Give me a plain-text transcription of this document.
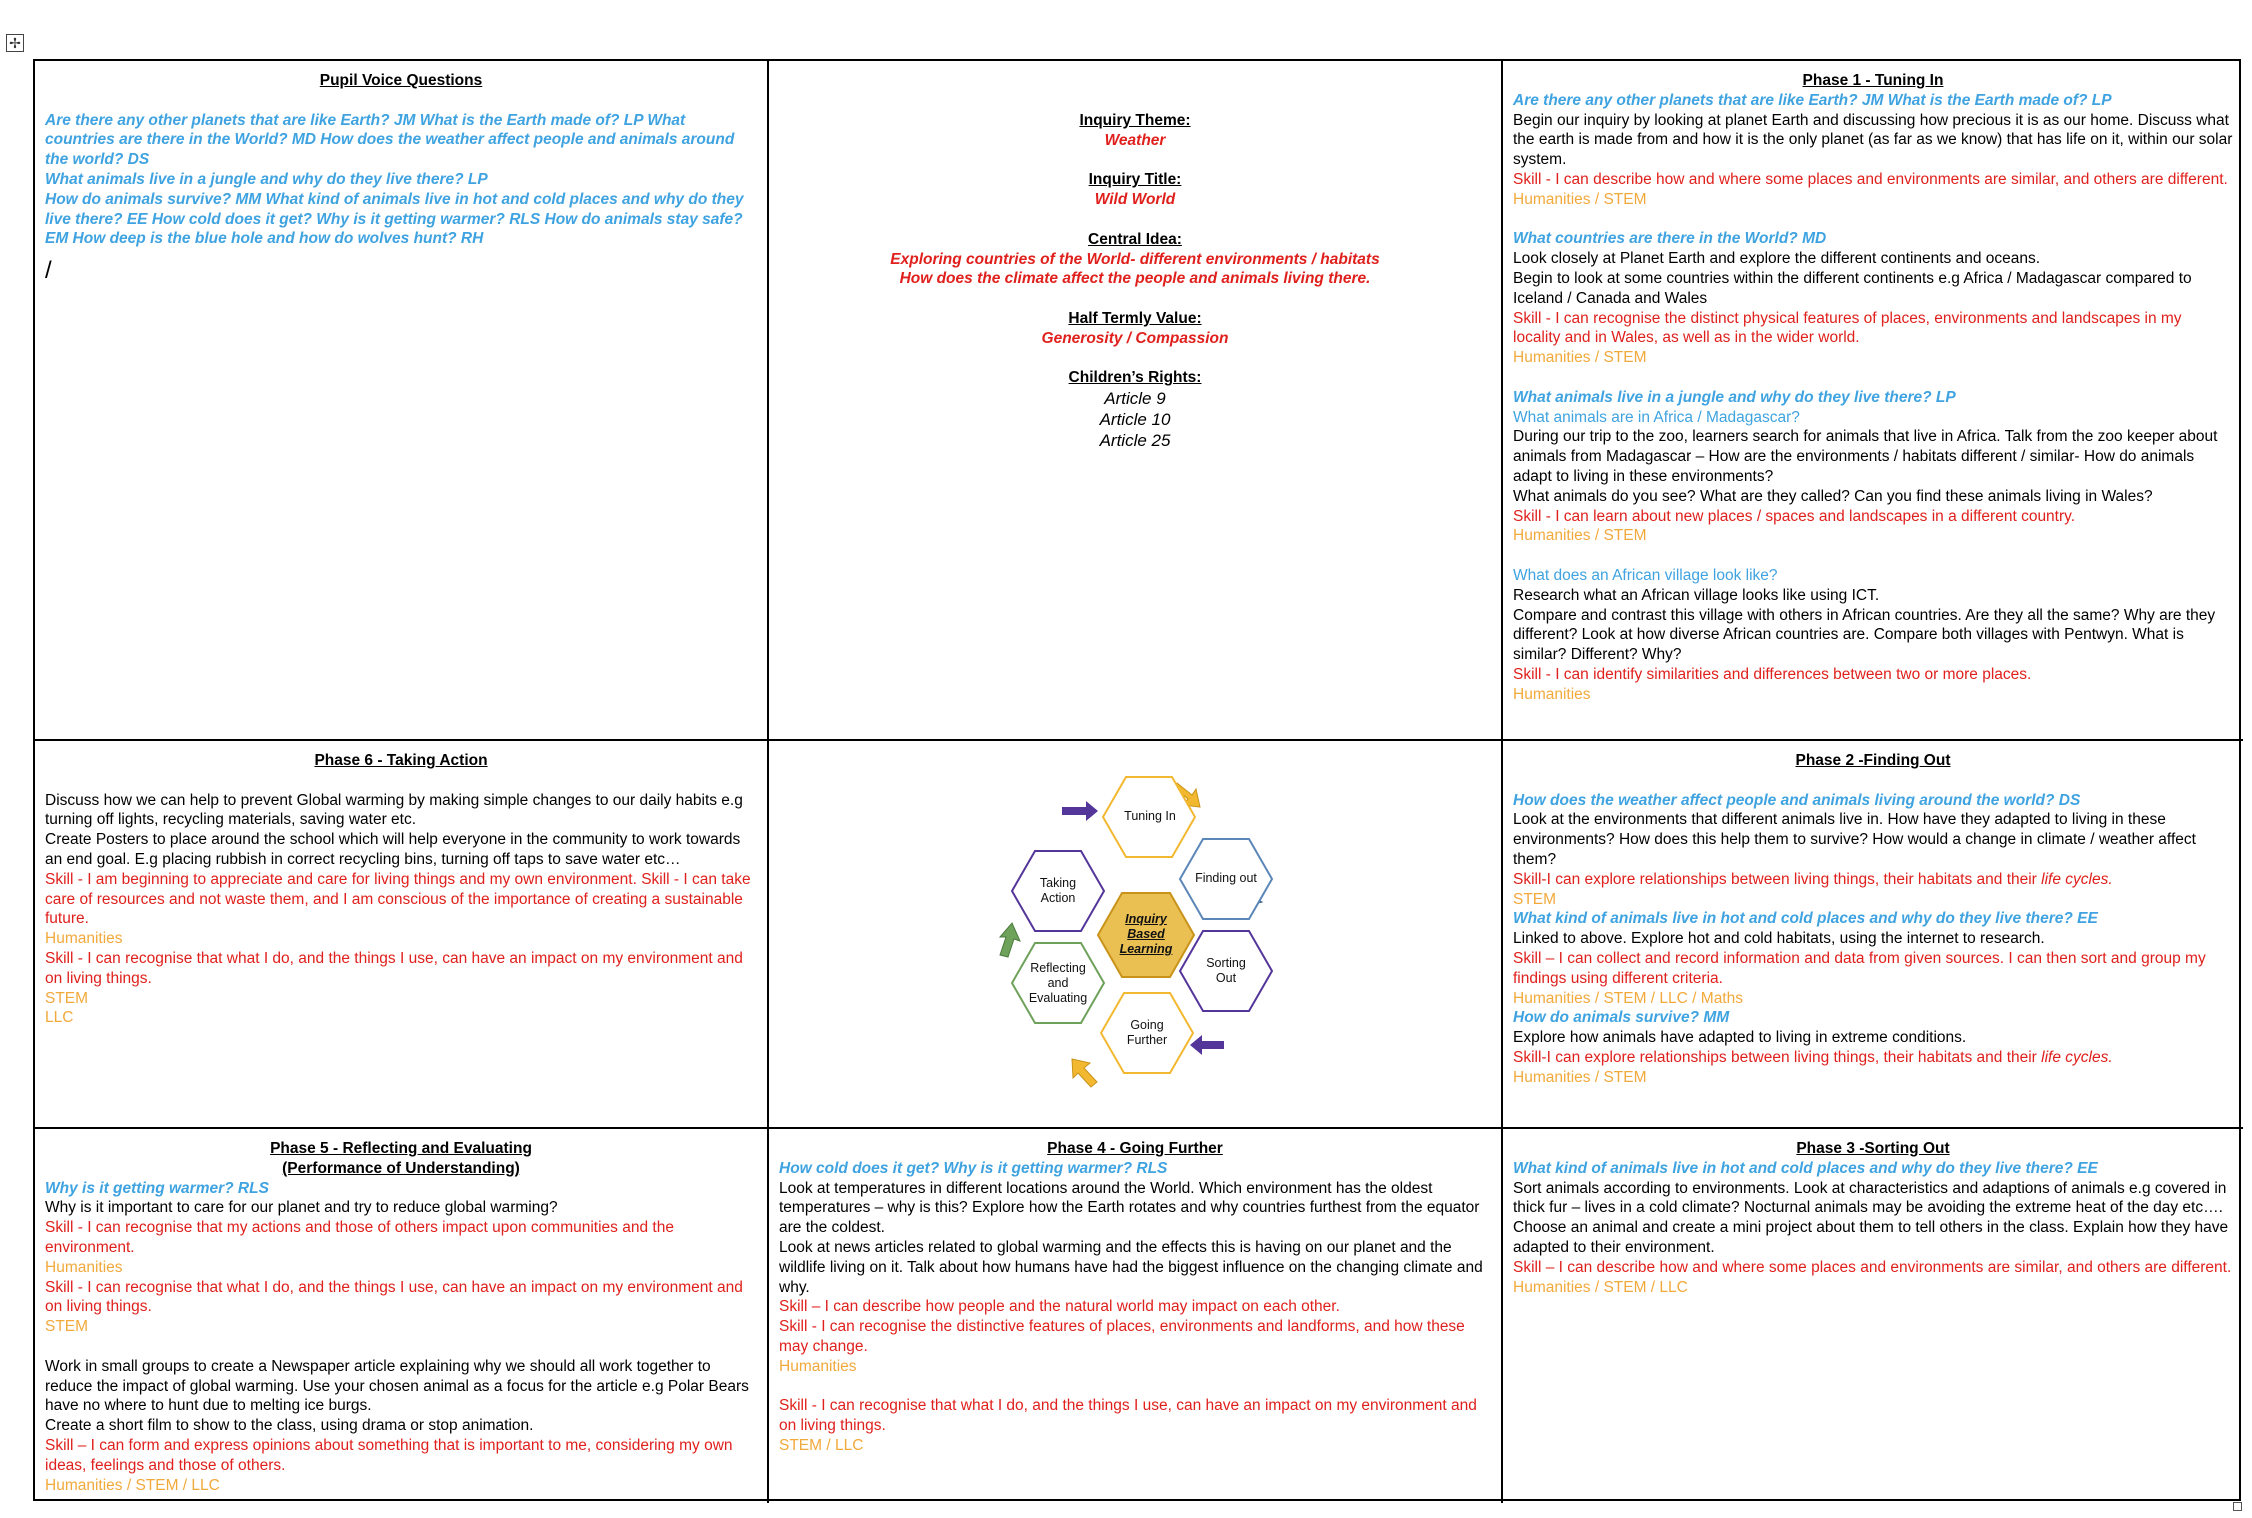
✢

Pupil Voice Questions

Are there any other planets that are like Earth? JM What is the Earth made of? LP What countries are there in the World? MD How does the weather affect people and animals around the world? DS

What animals live in a jungle and why do they live there? LP

How do animals survive? MM What kind of animals live in hot and cold places and why do they live there? EE How cold does it get? Why is it getting warmer? RLS How do animals stay safe? EM How deep is the blue hole and how do wolves hunt? RH

/

Inquiry Theme:

Weather

Inquiry Title:

Wild World

Central Idea:

Exploring countries of the World- different environments / habitats

How does the climate affect the people and animals living there.

Half Termly Value:

Generosity / Compassion

Children’s Rights:

Article 9

Article 10

Article 25

Phase 1 - Tuning In

Are there any other planets that are like Earth? JM What is the Earth made of? LP

Begin our inquiry by looking at planet Earth and discussing how precious it is as our home. Discuss what the earth is made from and how it is the only planet (as far as we know) that has life on it, within our solar system.

Skill - I can describe how and where some places and environments are similar, and others are different.

Humanities / STEM

What countries are there in the World? MD

Look closely at Planet Earth and explore the different continents and oceans.

Begin to look at some countries within the different continents e.g Africa / Madagascar compared to Iceland / Canada and Wales

Skill - I can recognise the distinct physical features of places, environments and landscapes in my locality and in Wales, as well as in the wider world.

Humanities / STEM

What animals live in a jungle and why do they live there? LP

What animals are in Africa / Madagascar?

During our trip to the zoo, learners search for animals that live in Africa. Talk from the zoo keeper about animals from Madagascar – How are the environments / habitats different / similar- How do animals adapt to living in these environments?

What animals do you see? What are they called? Can you find these animals living in Wales?

Skill - I can learn about new places / spaces and landscapes in a different country.

Humanities / STEM

What does an African village look like?

Research what an African village looks like using ICT.

Compare and contrast this village with others in African countries. Are they all the same? Why are they different? Look at how diverse African countries are. Compare both villages with Pentwyn. What is similar? Different? Why?

Skill - I can identify similarities and differences between two or more places.

Humanities

Phase 6 - Taking Action

Discuss how we can help to prevent Global warming by making simple changes to our daily habits e.g turning off lights, recycling materials, saving water etc.

Create Posters to place around the school which will help everyone in the community to work towards an end goal. E.g placing rubbish in correct recycling bins, turning off taps to save water etc…

Skill - I am beginning to appreciate and care for living things and my own environment. Skill - I can take care of resources and not waste them, and I am conscious of the importance of creating a sustainable future.

Humanities

Skill - I can recognise that what I do, and the things I use, can have an impact on my environment and on living things.

STEM

LLC

Tuning In
Finding out
Sorting
Out
Going
Further
Reflecting
and
Evaluating
Taking
Action
Inquiry
Based
Learning

Phase 2 -Finding Out

How does the weather affect people and animals living around the world? DS

Look at the environments that different animals live in. How have they adapted to living in these environments? How does this help them to survive? How would a change in climate / weather affect them?

Skill-I can explore relationships between living things, their habitats and their life cycles.

STEM

What kind of animals live in hot and cold places and why do they live there? EE

Linked to above. Explore hot and cold habitats, using the internet to research.

Skill – I can collect and record information and data from given sources. I can then sort and group my findings using different criteria.

Humanities / STEM / LLC / Maths

How do animals survive? MM

Explore how animals have adapted to living in extreme conditions.

Skill-I can explore relationships between living things, their habitats and their life cycles.

Humanities / STEM

Phase 5 - Reflecting and Evaluating

(Performance of Understanding)

Why is it getting warmer? RLS

Why is it important to care for our planet and try to reduce global warming?

Skill - I can recognise that my actions and those of others impact upon communities and the environment.

Humanities

Skill - I can recognise that what I do, and the things I use, can have an impact on my environment and on living things.

STEM

Work in small groups to create a Newspaper article explaining why we should all work together to reduce the impact of global warming. Use your chosen animal as a focus for the article e.g Polar Bears have no where to hunt due to melting ice burgs.

Create a short film to show to the class, using drama or stop animation.

Skill – I can form and express opinions about something that is important to me, considering my own ideas, feelings and those of others.

Humanities / STEM / LLC

Phase 4 - Going Further

How cold does it get? Why is it getting warmer? RLS

Look at temperatures in different locations around the World. Which environment has the oldest temperatures – why is this? Explore how the Earth rotates and why countries furthest from the equator are the coldest.

Look at news articles related to global warming and the effects this is having on our planet and the wildlife living on it. Talk about how humans have had the biggest influence on the changing climate and why.

Skill – I can describe how people and the natural world may impact on each other.

Skill - I can recognise the distinctive features of places, environments and landforms, and how these may change.

Humanities

Skill - I can recognise that what I do, and the things I use, can have an impact on my environment and on living things.

STEM / LLC

Phase 3 -Sorting Out

What kind of animals live in hot and cold places and why do they live there? EE

Sort animals according to environments. Look at characteristics and adaptions of animals e.g covered in thick fur – lives in a cold climate? Nocturnal animals may be avoiding the extreme heat of the day etc….

Choose an animal and create a mini project about them to tell others in the class. Explain how they have adapted to their environment.

Skill – I can describe how and where some places and environments are similar, and others are different.

Humanities / STEM / LLC
